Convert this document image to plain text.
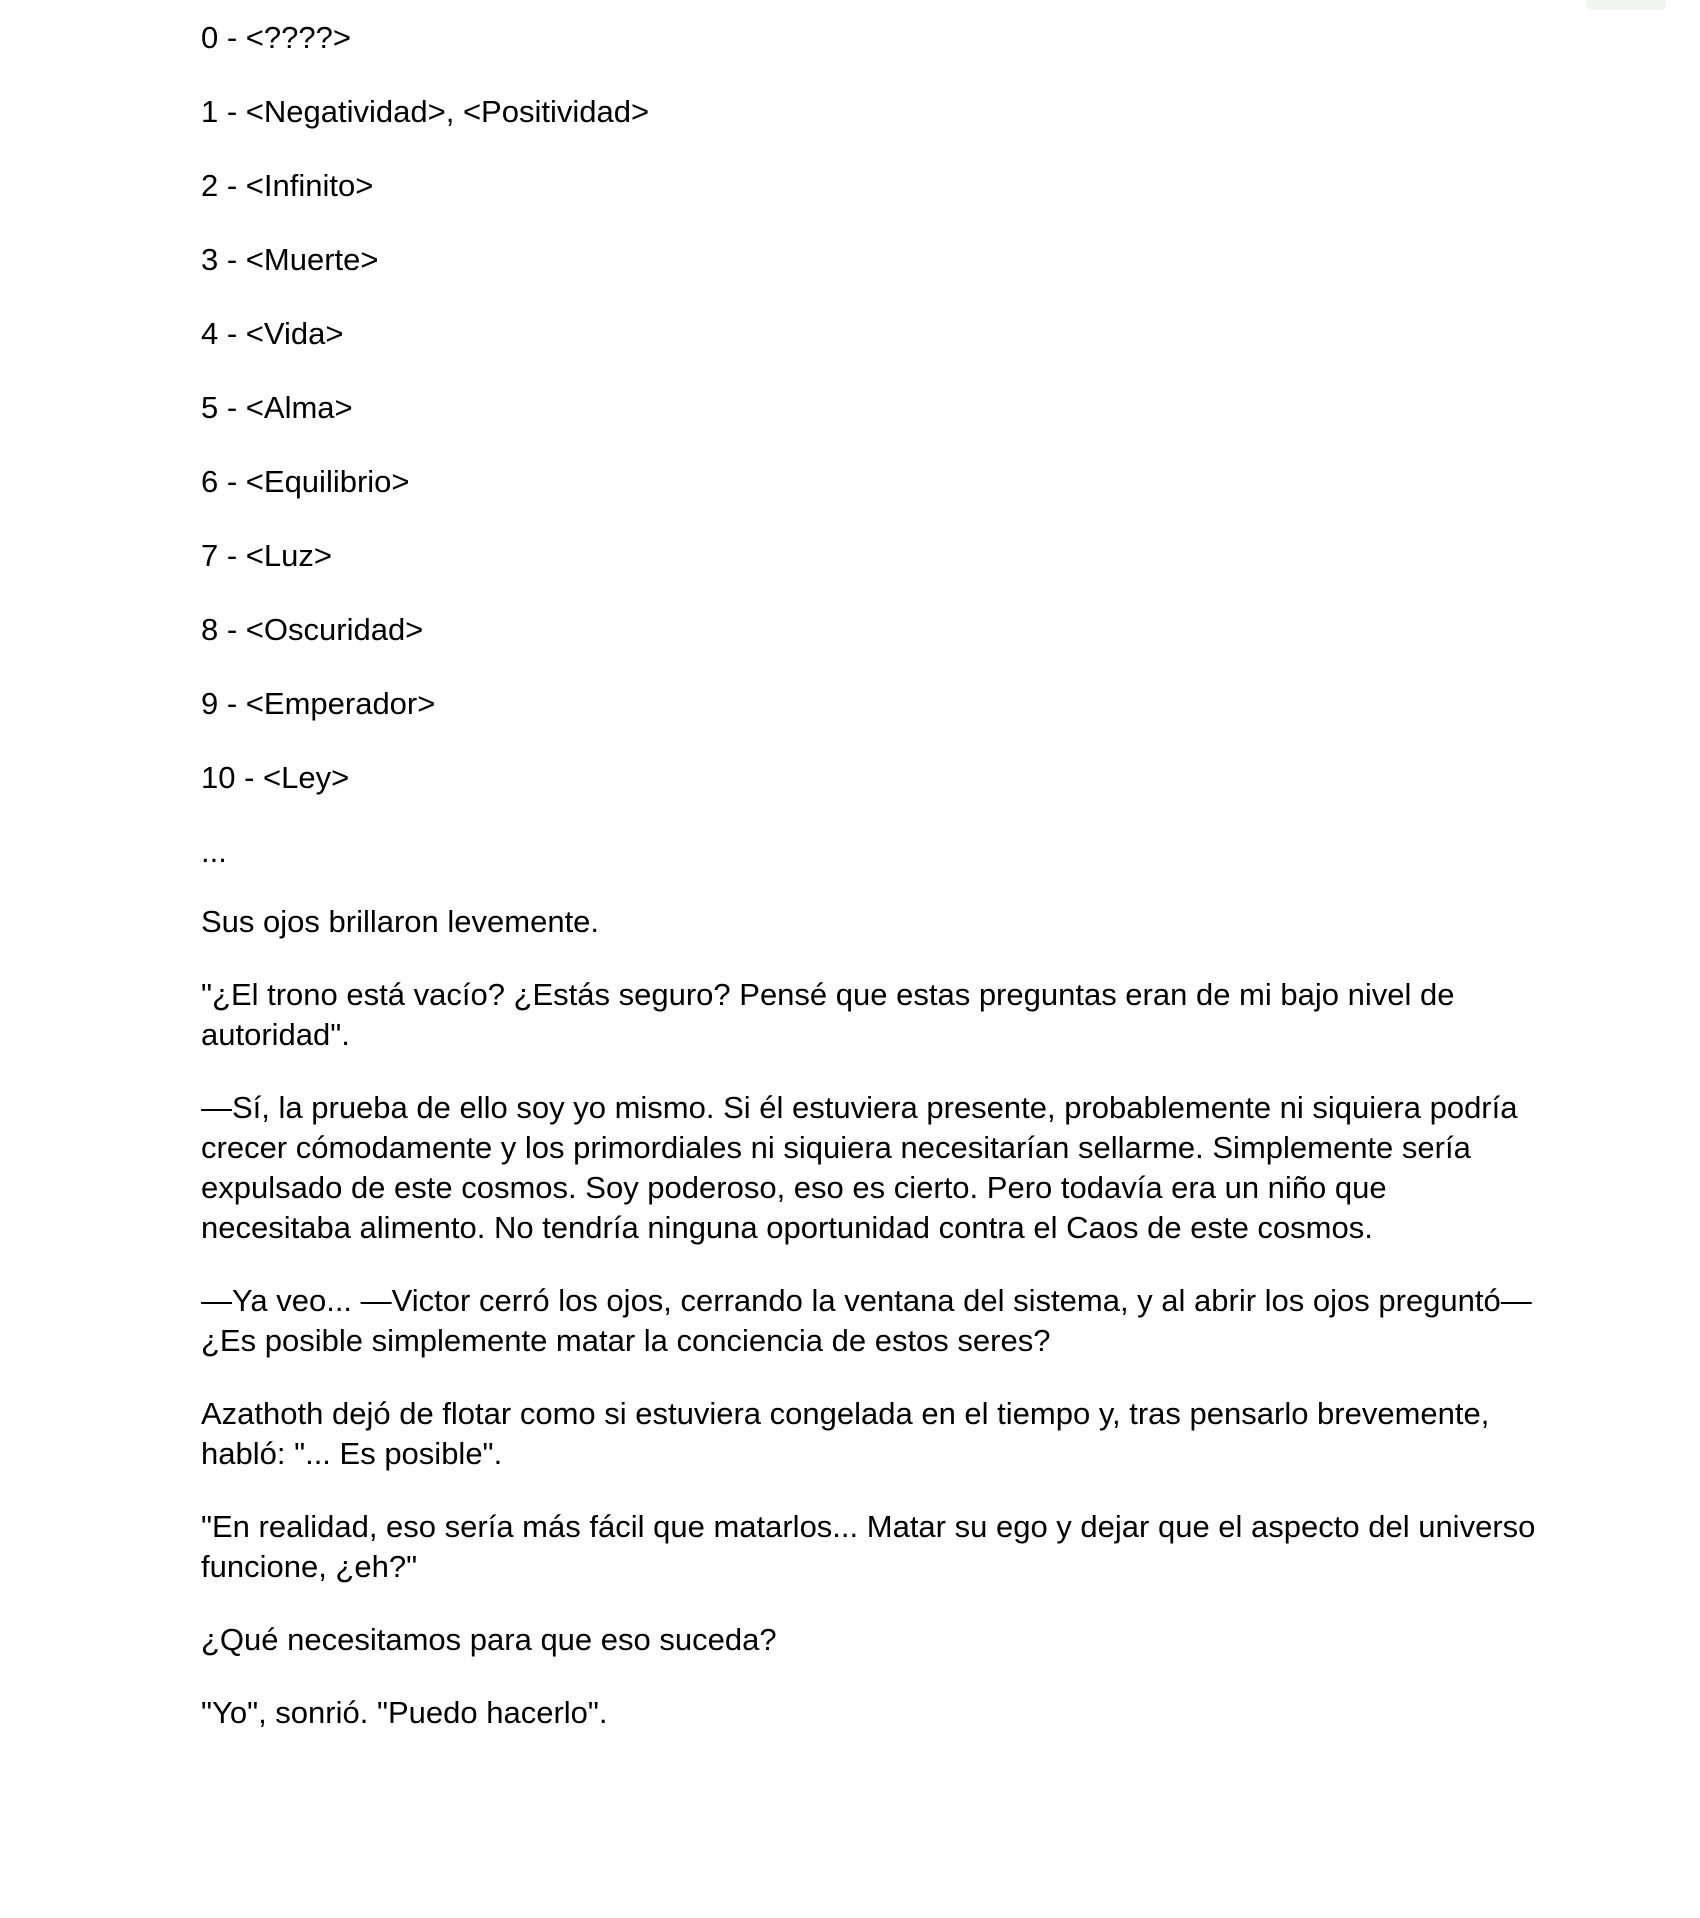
0 - <????>
1 - <Negatividad>, <Positividad>
2 - <Infinito>
3 - <Muerte>
4 - <Vida>
5 - <Alma>
6 - <Equilibrio>
7 - <Luz>
8 - <Oscuridad>
9 - <Emperador>
10 - <Ley>
...
Sus ojos brillaron levemente.
"¿El trono está vacío? ¿Estás seguro? Pensé que estas preguntas eran de mi bajo nivel de autoridad".
—Sí, la prueba de ello soy yo mismo. Si él estuviera presente, probablemente ni siquiera podría crecer cómodamente y los primordiales ni siquiera necesitarían sellarme. Simplemente sería expulsado de este cosmos. Soy poderoso, eso es cierto. Pero todavía era un niño que necesitaba alimento. No tendría ninguna oportunidad contra el Caos de este cosmos.
—Ya veo... —Victor cerró los ojos, cerrando la ventana del sistema, y al abrir los ojos preguntó— ¿Es posible simplemente matar la conciencia de estos seres?
Azathoth dejó de flotar como si estuviera congelada en el tiempo y, tras pensarlo brevemente, habló: "... Es posible".
"En realidad, eso sería más fácil que matarlos... Matar su ego y dejar que el aspecto del universo funcione, ¿eh?"
¿Qué necesitamos para que eso suceda?
"Yo", sonrió. "Puedo hacerlo".
